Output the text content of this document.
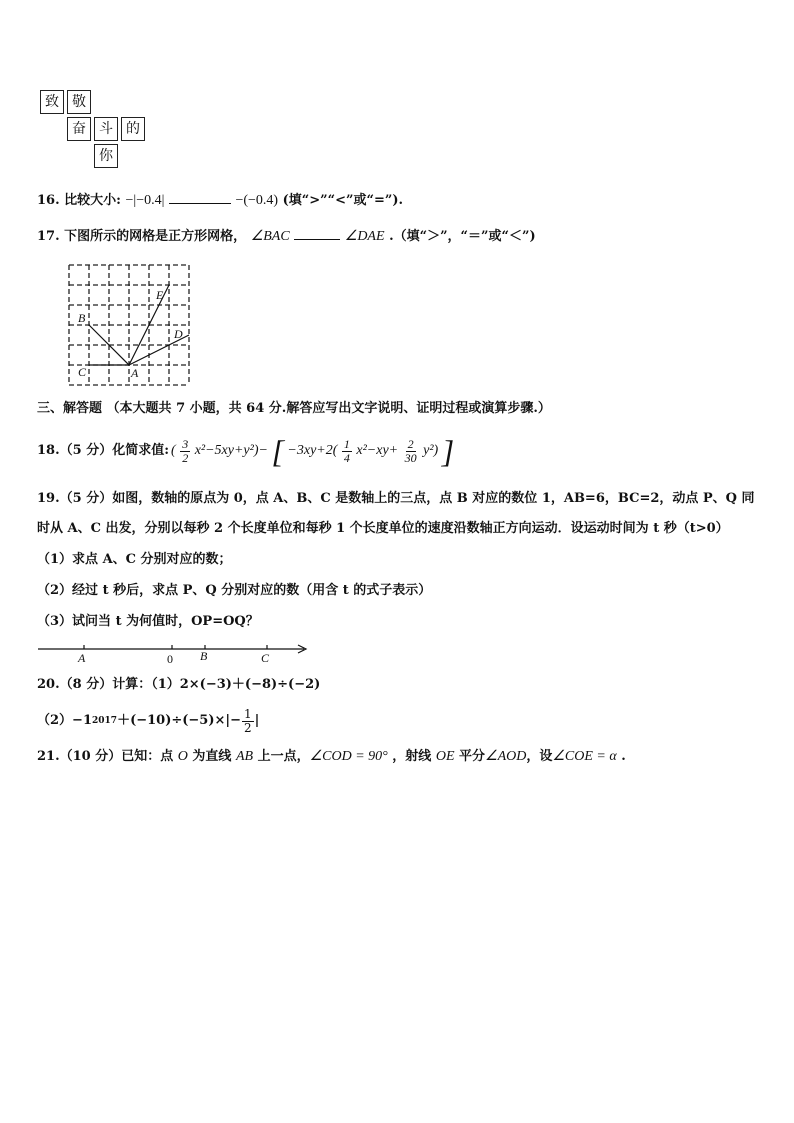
致 敬
奋 斗 的
你
16. 比较大小: −|−0.4|	−(−0.4) (填“>”“<”或“=”).
17. 下图所示的网格是正方形网格， ∠BAC	∠DAE .（填“＞”，“＝”或“＜”)
B
E
D
C	A
三、解答题 （本大题共 7 小题，共 64 分.解答应写出文字说明、证明过程或演算步骤.）
18. （5 分） 化简求值: ( $\frac{3}{2} x^2-5xy+y^2)-$ [ $-3xy+2( \frac{1}{4} x^2-xy+ \frac{2}{30} y^2)$ ]
19.（5 分）如图，数轴的原点为 0，点 A、B、C 是数轴上的三点，点 B 对应的数位 1，AB=6，BC=2，动点 P、Q 同
时从 A、C 出发，分别以每秒 2 个长度单位和每秒 1 个长度单位的速度沿数轴正方向运动．设运动时间为 t 秒（t>0）
（1）求点 A、C 分别对应的数；
（2）经过 t 秒后，求点 P、Q 分别对应的数（用含 t 的式子表示）
（3）试问当 t 为何值时，OP=OQ？
A	0 B	C
20.（8 分）计算：（1）2×(−3)＋(−8)÷(−2)
（2） −1 $2017 +(-10)\div(-5)\times|- \frac{1}{2}$ |
21.（10 分）已知：点 O 为直线 AB 上一点，∠COD = 90° ，射线 OE 平分∠AOD，设∠COE = α .
